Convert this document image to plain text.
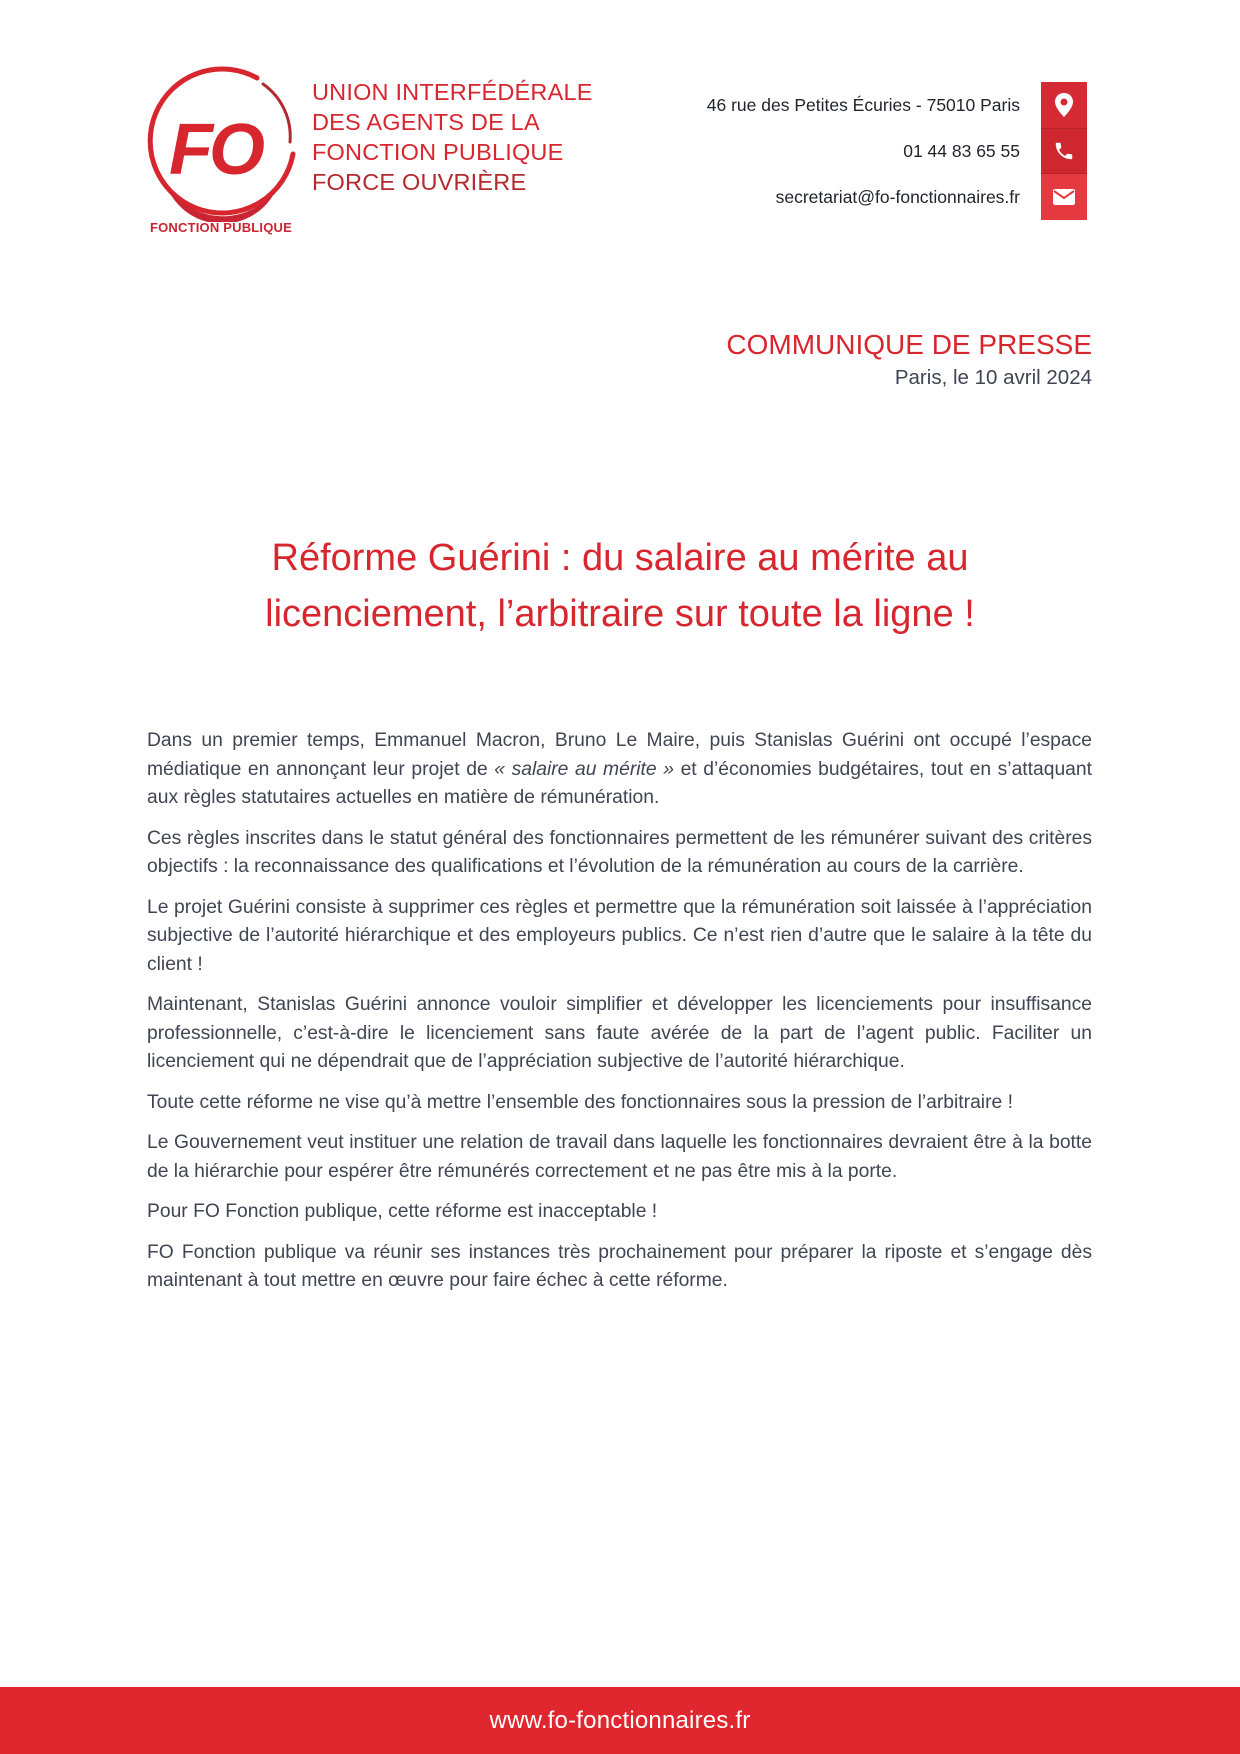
FO
FONCTION PUBLIQUE
UNION INTERFÉDÉRALE
DES AGENTS DE LA
FONCTION PUBLIQUE
FORCE OUVRIÈRE
46 rue des Petites Écuries - 75010 Paris
01 44 83 65 55
secretariat@fo-fonctionnaires.fr
COMMUNIQUE DE PRESSE
Paris, le 10 avril 2024
Réforme Guérini : du salaire au mérite au
licenciement, l’arbitraire sur toute la ligne !

Dans un premier temps, Emmanuel Macron, Bruno Le Maire, puis Stanislas Guérini ont occupé l’espace médiatique en annonçant leur projet de « salaire au mérite » et d’économies budgétaires, tout en s’attaquant aux règles statutaires actuelles en matière de rémunération.

Ces règles inscrites dans le statut général des fonctionnaires permettent de les rémunérer suivant des critères objectifs : la reconnaissance des qualifications et l’évolution de la rémunération au cours de la carrière.

Le projet Guérini consiste à supprimer ces règles et permettre que la rémunération soit laissée à l’appréciation subjective de l’autorité hiérarchique et des employeurs publics. Ce n’est rien d’autre que le salaire à la tête du client !

Maintenant, Stanislas Guérini annonce vouloir simplifier et développer les licenciements pour insuffisance professionnelle, c’est-à-dire le licenciement sans faute avérée de la part de l’agent public. Faciliter un licenciement qui ne dépendrait que de l’appréciation subjective de l’autorité hiérarchique.

Toute cette réforme ne vise qu’à mettre l’ensemble des fonctionnaires sous la pression de l’arbitraire !

Le Gouvernement veut instituer une relation de travail dans laquelle les fonctionnaires devraient être à la botte de la hiérarchie pour espérer être rémunérés correctement et ne pas être mis à la porte.

Pour FO Fonction publique, cette réforme est inacceptable !

FO Fonction publique va réunir ses instances très prochainement pour préparer la riposte et s’engage dès maintenant à tout mettre en œuvre pour faire échec à cette réforme.

www.fo-fonctionnaires.fr
